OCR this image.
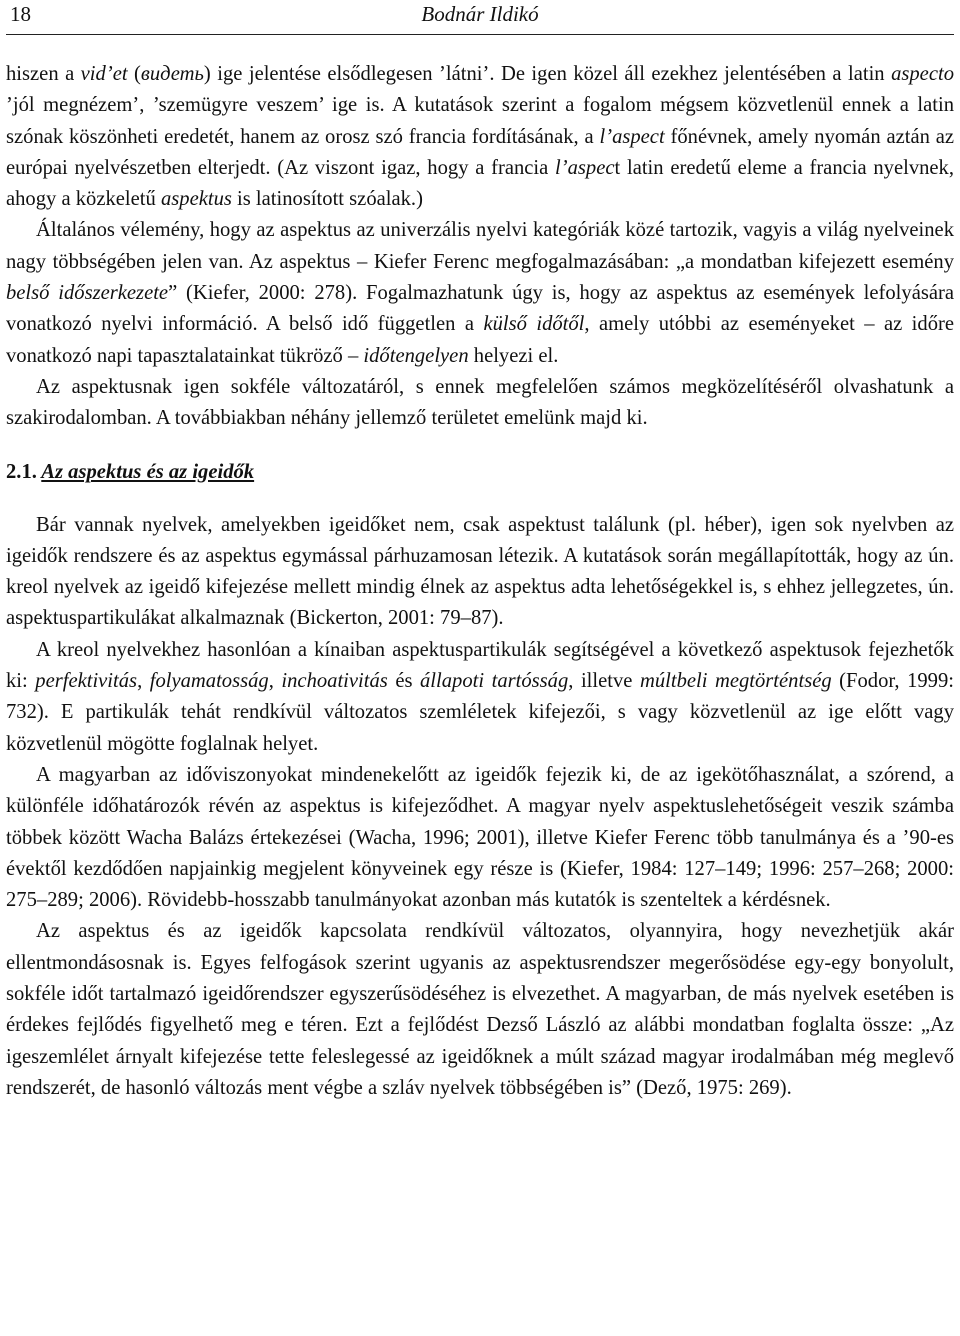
18	Bodnár Ildikó

hiszen a vid’et (видеть) ige jelentése elsődlegesen ’látni’. De igen közel áll ezekhez jelentésében a latin aspecto ’jól megnézem’, ’szemügyre veszem’ ige is. A kutatások szerint a fogalom mégsem közvetlenül ennek a latin szónak köszönheti eredetét, hanem az orosz szó francia fordításának, a l’aspect főnévnek, amely nyomán aztán az európai nyelvészetben elterjedt. (Az viszont igaz, hogy a francia l’aspect latin eredetű eleme a francia nyelvnek, ahogy a közkeletű aspektus is latinosított szóalak.)

Általános vélemény, hogy az aspektus az univerzális nyelvi kategóriák közé tartozik, vagyis a világ nyelveinek nagy többségében jelen van. Az aspektus – Kiefer Ferenc megfogalmazásában: „a mondatban kifejezett esemény belső időszerkezete” (Kiefer, 2000: 278). Fogalmazhatunk úgy is, hogy az aspektus az események lefolyására vonatkozó nyelvi információ. A belső idő független a külső időtől, amely utóbbi az eseményeket – az időre vonatkozó napi tapasztalatainkat tükröző – időtengelyen helyezi el.

Az aspektusnak igen sokféle változatáról, s ennek megfelelően számos megközelítéséről olvashatunk a szakirodalomban. A továbbiakban néhány jellemző területet emelünk majd ki.

2.1. Az aspektus és az igeidők

Bár vannak nyelvek, amelyekben igeidőket nem, csak aspektust találunk (pl. héber), igen sok nyelvben az igeidők rendszere és az aspektus egymással párhuzamosan létezik. A kutatások során megállapították, hogy az ún. kreol nyelvek az igeidő kifejezése mellett mindig élnek az aspektus adta lehetőségekkel is, s ehhez jellegzetes, ún. aspektuspartikulákat alkalmaznak (Bickerton, 2001: 79–87).

A kreol nyelvekhez hasonlóan a kínaiban aspektuspartikulák segítségével a következő aspektusok fejezhetők ki: perfektivitás, folyamatosság, inchoativitás és állapoti tartósság, illetve múltbeli megtörténtség (Fodor, 1999: 732). E partikulák tehát rendkívül változatos szemléletek kifejezői, s vagy közvetlenül az ige előtt vagy közvetlenül mögötte foglalnak helyet.

A magyarban az időviszonyokat mindenekelőtt az igeidők fejezik ki, de az igekötőhasználat, a szórend, a különféle időhatározók révén az aspektus is kifejeződhet. A magyar nyelv aspektuslehetőségeit veszik számba többek között Wacha Balázs értekezései (Wacha, 1996; 2001), illetve Kiefer Ferenc több tanulmánya és a ’90-es évektől kezdődően napjainkig megjelent könyveinek egy része is (Kiefer, 1984: 127–149; 1996: 257–268; 2000: 275–289; 2006). Rövidebb-hosszabb tanulmányokat azonban más kutatók is szenteltek a kérdésnek.

Az aspektus és az igeidők kapcsolata rendkívül változatos, olyannyira, hogy nevezhetjük akár ellentmondásosnak is. Egyes felfogások szerint ugyanis az aspektusrendszer megerősödése egy-egy bonyolult, sokféle időt tartalmazó igeidőrendszer egyszerűsödéséhez is elvezethet. A magyarban, de más nyelvek esetében is érdekes fejlődés figyelhető meg e téren. Ezt a fejlődést Dezső László az alábbi mondatban foglalta össze: „Az igeszemlélet árnyalt kifejezése tette feleslegessé az igeidőknek a múlt század magyar irodalmában még meglevő rendszerét, de hasonló változás ment végbe a szláv nyelvek többségében is” (Dező, 1975: 269).
